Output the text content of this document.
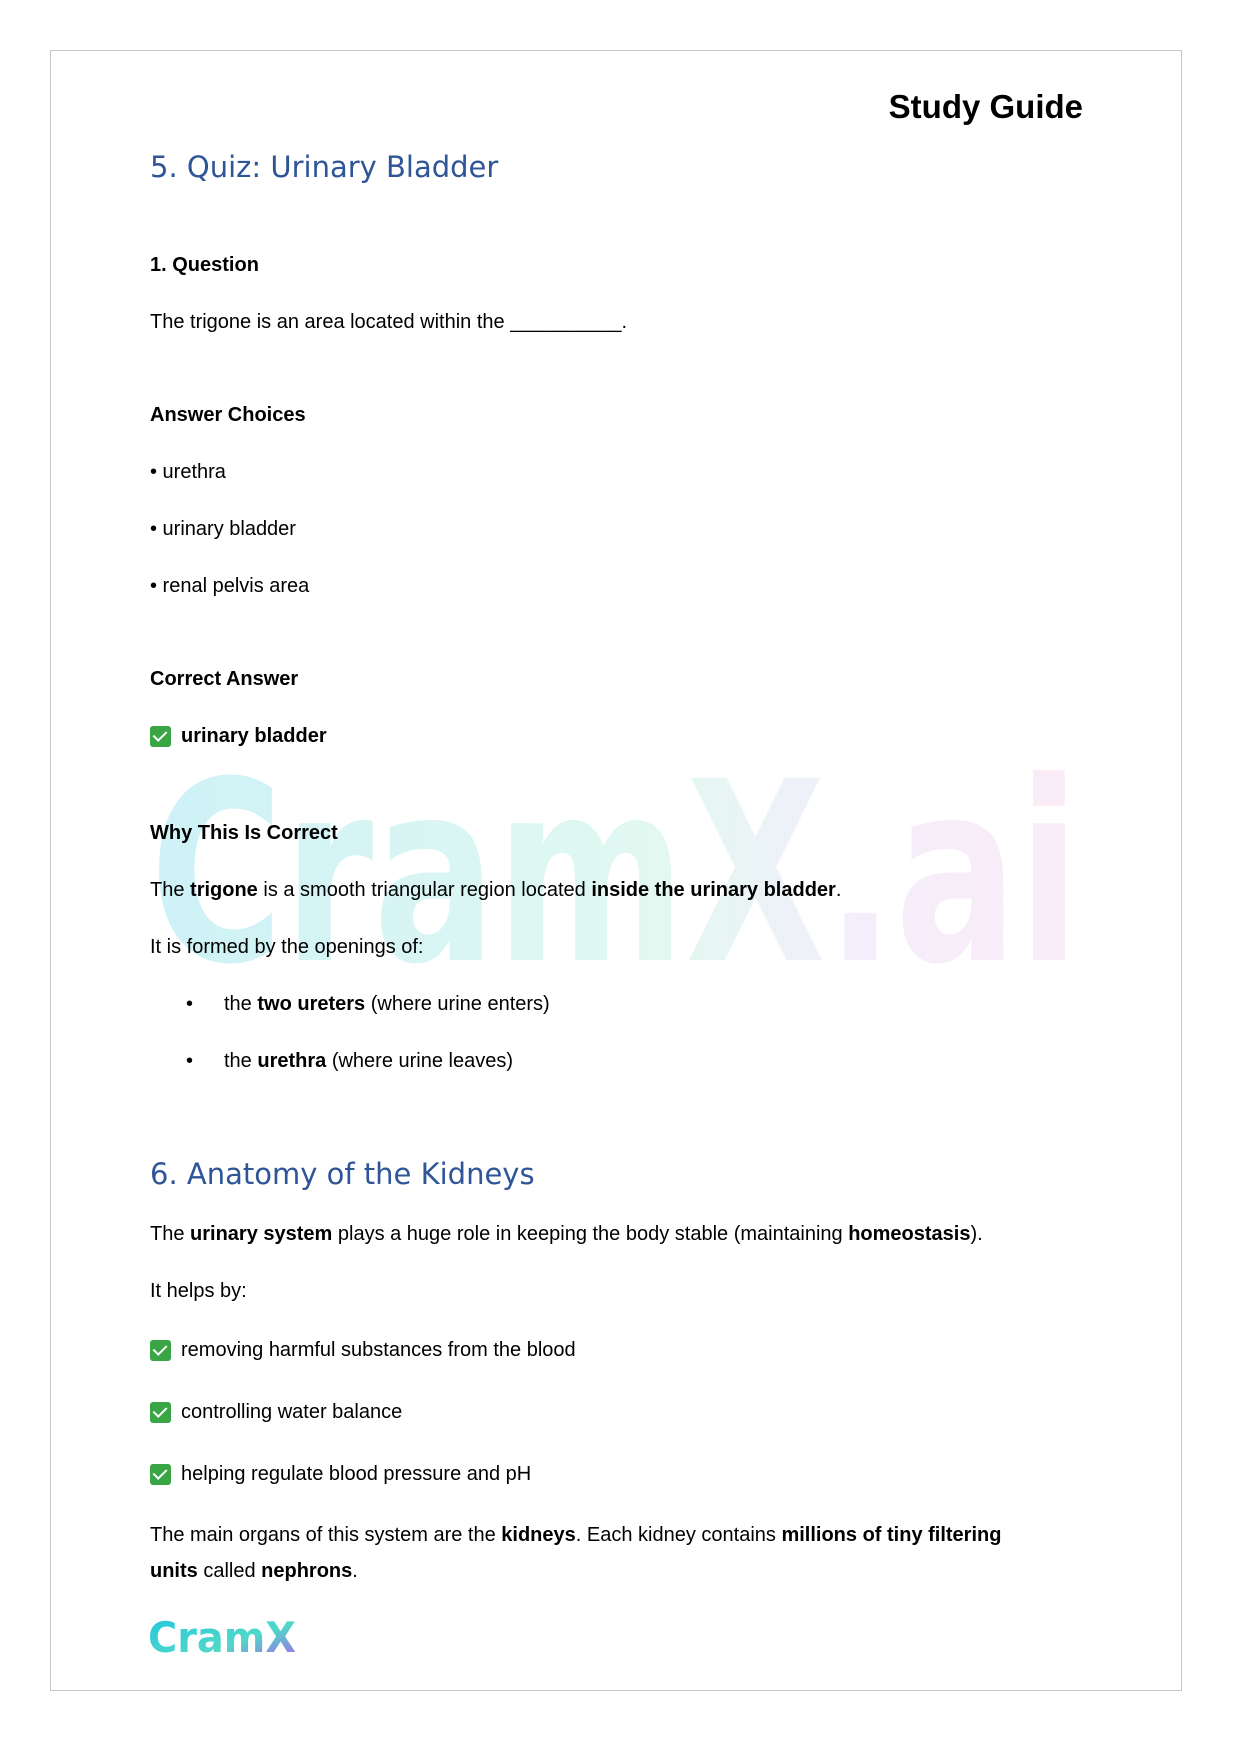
CramX.ai
Study Guide
5. Quiz: Urinary Bladder
1. Question
The trigone is an area located within the __________.
Answer Choices
• urethra
• urinary bladder
• renal pelvis area
Correct Answer
urinary bladder
Why This Is Correct
The trigone is a smooth triangular region located inside the urinary bladder.
It is formed by the openings of:
• the two ureters (where urine enters)
• the urethra (where urine leaves)
6. Anatomy of the Kidneys
The urinary system plays a huge role in keeping the body stable (maintaining homeostasis).
It helps by:
removing harmful substances from the blood
controlling water balance
helping regulate blood pressure and pH
The main organs of this system are the kidneys. Each kidney contains millions of tiny filtering
units called nephrons.
CramX
